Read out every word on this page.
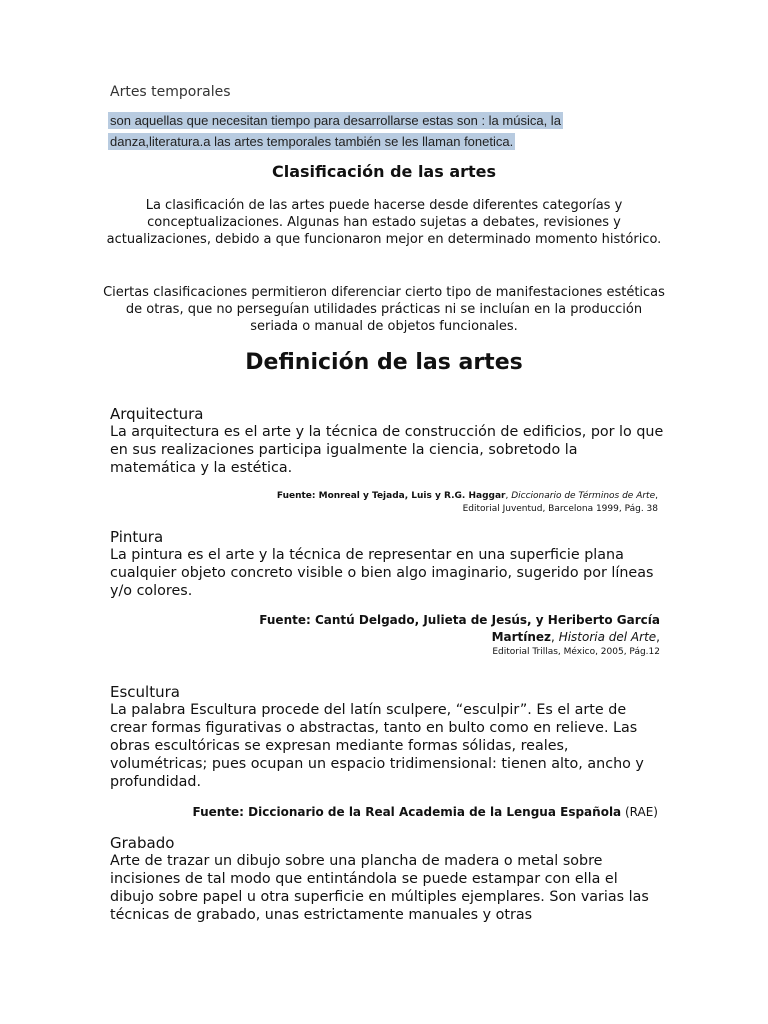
Artes temporales
son aquellas que necesitan tiempo para desarrollarse estas son : la música, la
danza,literatura.a las artes temporales también se les llaman fonetica.
Clasificación de las artes
La clasificación de las artes puede hacerse desde diferentes categorías y conceptualizaciones. Algunas han estado sujetas a debates, revisiones y actualizaciones, debido a que funcionaron mejor en determinado momento histórico.
Ciertas clasificaciones permitieron diferenciar cierto tipo de manifestaciones estéticas de otras, que no perseguían utilidades prácticas ni se incluían en la producción seriada o manual de objetos funcionales.
Definición de las artes
Arquitectura
La arquitectura es el arte y la técnica de construcción de edificios, por lo que en sus realizaciones participa igualmente la ciencia, sobretodo la matemática y la estética.
Fuente: Monreal y Tejada, Luis y R.G. Haggar, Diccionario de Términos de Arte,
Editorial Juventud, Barcelona 1999, Pág. 38
Pintura
La pintura es el arte y la técnica de representar en una superficie plana cualquier objeto concreto visible o bien algo imaginario, sugerido por líneas y/o colores.
Fuente: Cantú Delgado, Julieta de Jesús, y Heriberto García
Martínez, Historia del Arte,
Editorial Trillas, México, 2005, Pág.12
Escultura
La palabra Escultura procede del latín sculpere, “esculpir”. Es el arte de crear formas figurativas o abstractas, tanto en bulto como en relieve. Las obras escultóricas se expresan mediante formas sólidas, reales, volumétricas; pues ocupan un espacio tridimensional: tienen alto, ancho y profundidad.
Fuente: Diccionario de la Real Academia de la Lengua Española (RAE)
Grabado
Arte de trazar un dibujo sobre una plancha de madera o metal sobre incisiones de tal modo que entintándola se puede estampar con ella el dibujo sobre papel u otra superficie en múltiples ejemplares. Son varias las técnicas de grabado, unas estrictamente manuales y otras
